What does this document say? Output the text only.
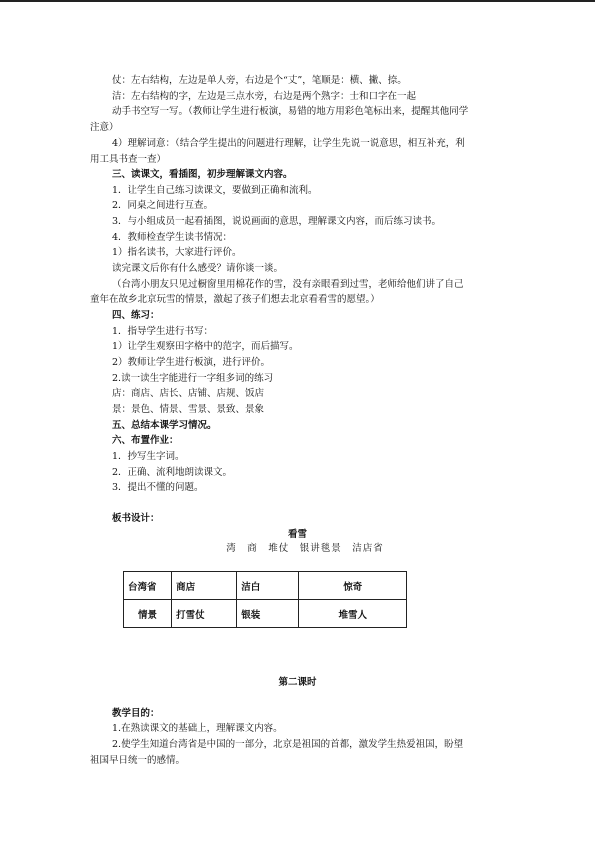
仗：左右结构，左边是单人旁，右边是个“丈”，笔顺是：横、撇、捺。
洁：左右结构的字，左边是三点水旁，右边是两个熟字：士和口字在一起
动手书空写一写。（教师让学生进行板演，易错的地方用彩色笔标出来，提醒其他同学
注意）
4）理解词意：（结合学生提出的问题进行理解，让学生先说一说意思，相互补充，利
用工具书查一查）
三、读课文，看插图，初步理解课文内容。
1．让学生自己练习读课文，要做到正确和流利。
2．同桌之间进行互查。
3．与小组成员一起看插图，说说画面的意思，理解课文内容，而后练习读书。
4．教师检查学生读书情况：
1）指名读书，大家进行评价。
读完课文后你有什么感受？请你谈一谈。
（台湾小朋友只见过橱窗里用棉花作的雪，没有亲眼看到过雪，老师给他们讲了自己
童年在故乡北京玩雪的情景，激起了孩子们想去北京看看雪的愿望。）
四、练习：
1．指导学生进行书写：
1）让学生观察田字格中的范字，而后描写。
2）教师让学生进行板演，进行评价。
2.读一读生字能进行一字组多词的练习
店：商店、店长、店铺、店规、饭店
景：景色、情景、雪景、景致、景象
五、总结本课学习情况。
六、布置作业：
1．抄写生字词。
2．正确、流利地朗读课文。
3．提出不懂的问题。
板书设计：
看雪
湾　商　堆仗　银讲毯景　洁店省
台湾省	商店	洁白	惊奇
情景	打雪仗	银装	堆雪人
第二课时
教学目的：
1.在熟读课文的基础上，理解课文内容。
2.使学生知道台湾省是中国的一部分，北京是祖国的首都，激发学生热爱祖国，盼望
祖国早日统一的感情。
